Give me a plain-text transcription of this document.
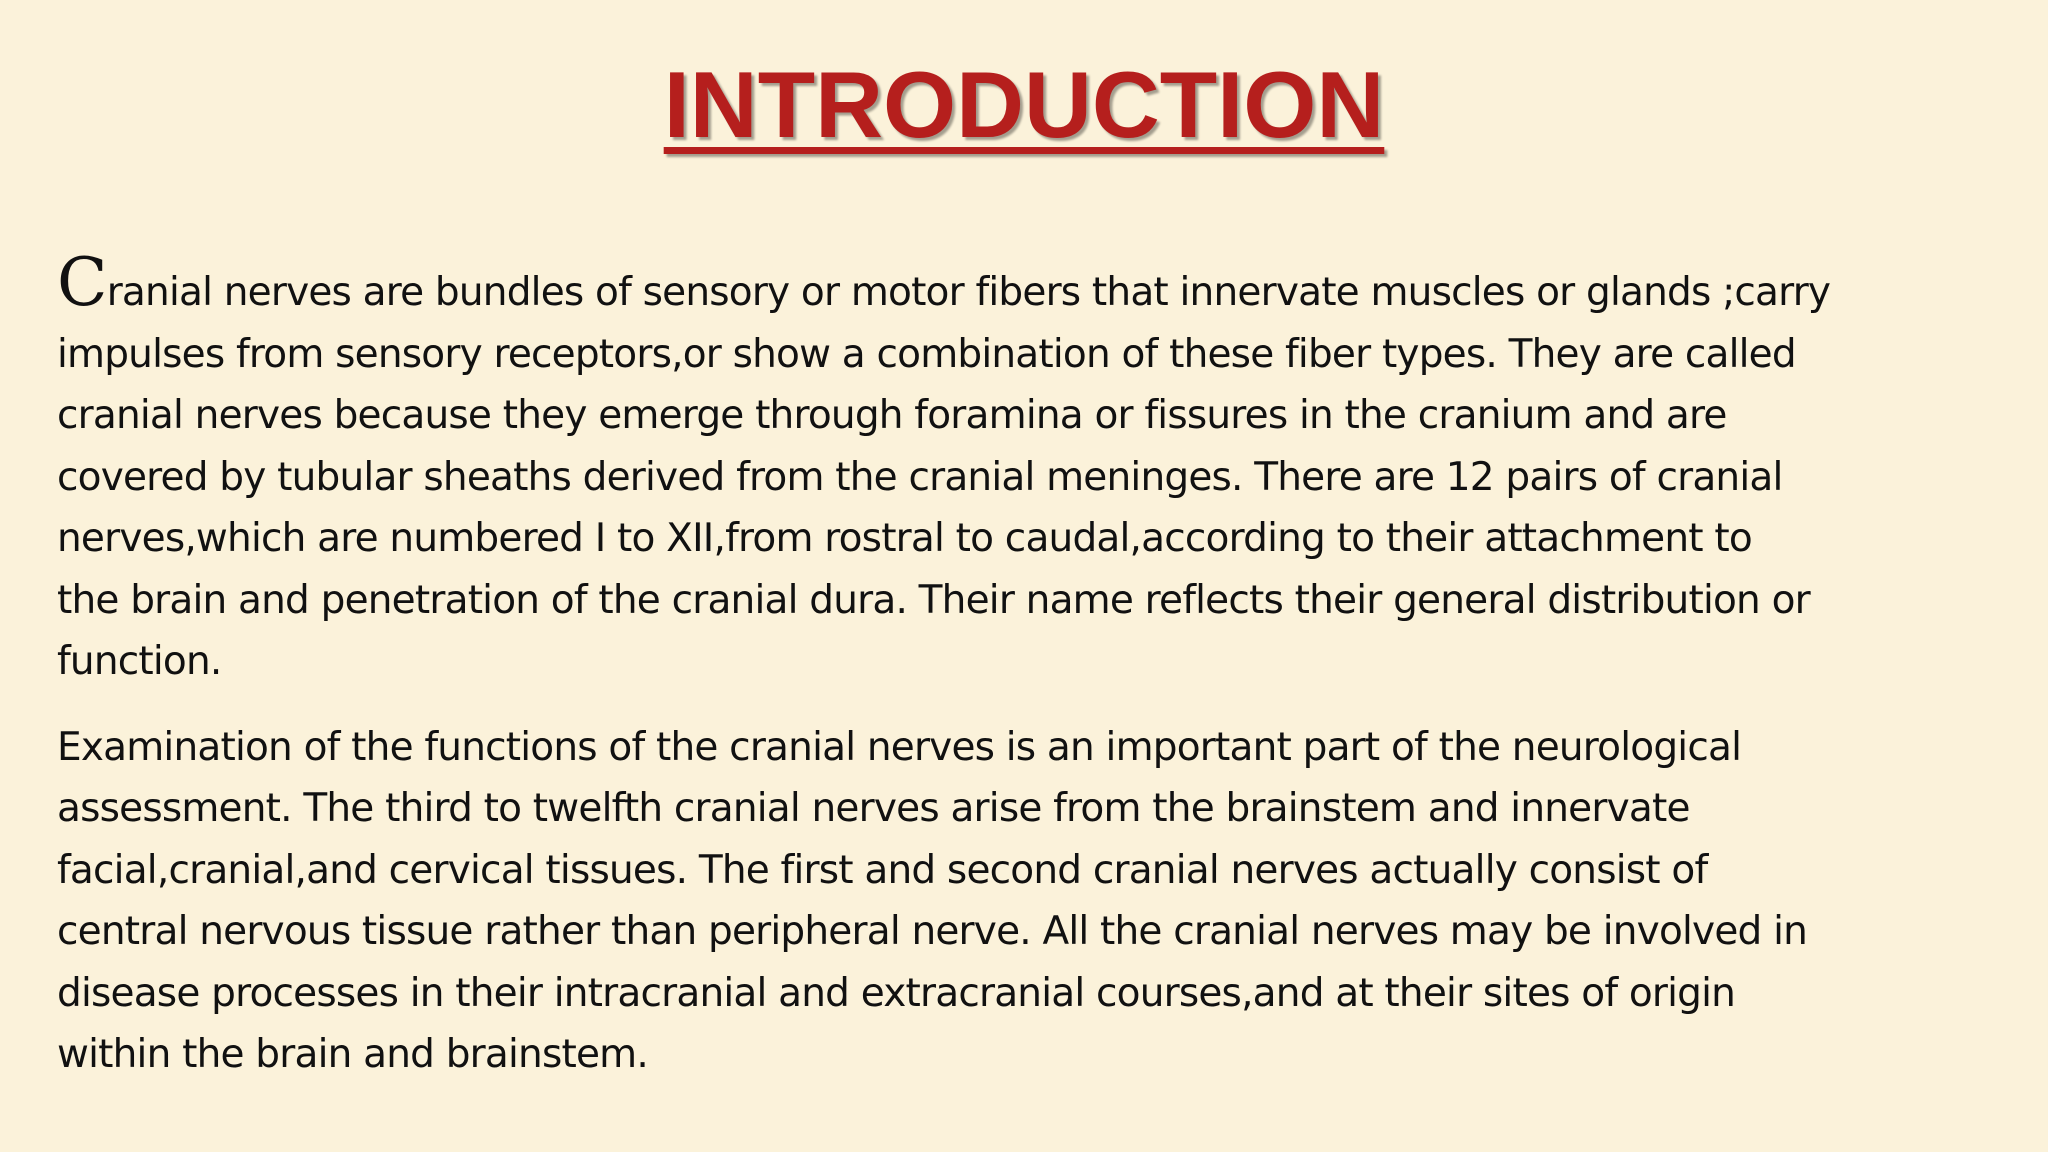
INTRODUCTION

Cranial nerves are bundles of sensory or motor fibers that innervate muscles or glands ;carry
impulses from sensory receptors,or show a combination of these fiber types. They are called
cranial nerves because they emerge through foramina or fissures in the cranium and are
covered by tubular sheaths derived from the cranial meninges. There are 12 pairs of cranial
nerves,which are numbered I to XII,from rostral to caudal,according to their attachment to
the brain and penetration of the cranial dura. Their name reflects their general distribution or
function.

Examination of the functions of the cranial nerves is an important part of the neurological
assessment. The third to twelfth cranial nerves arise from the brainstem and innervate
facial,cranial,and cervical tissues. The first and second cranial nerves actually consist of
central nervous tissue rather than peripheral nerve. All the cranial nerves may be involved in
disease processes in their intracranial and extracranial courses,and at their sites of origin
within the brain and brainstem.
